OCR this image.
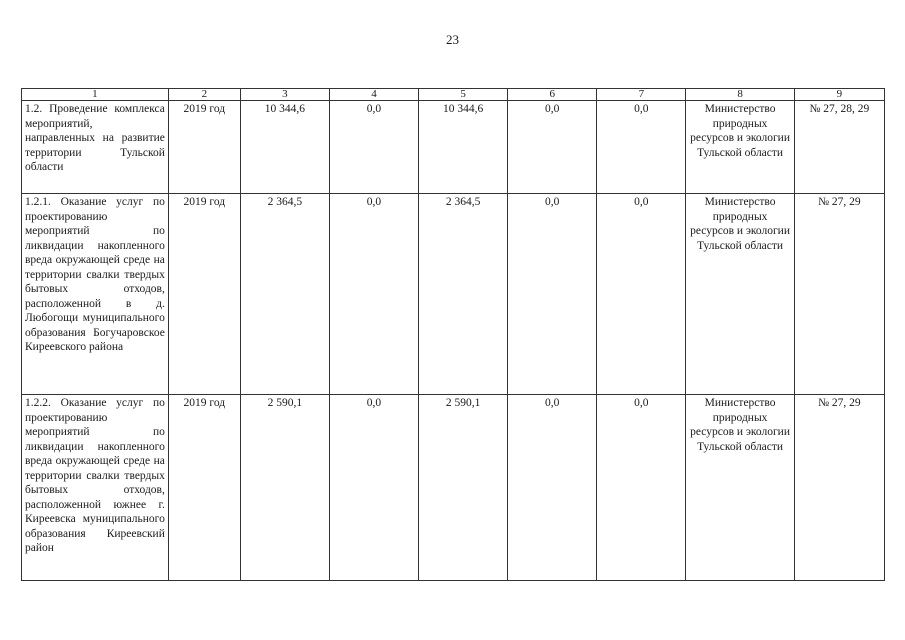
23
1	2	3	4	5	6	7	8	9
1.2. Проведение комплекса мероприятий, направленных на развитие территории Тульской области	2019 год	10 344,6	0,0	10 344,6	0,0	0,0	Министерство природных ресурсов и экологии Тульской области	№ 27, 28, 29
1.2.1. Оказание услуг по проектированию мероприятий по ликвидации накопленного вреда окружающей среде на территории свалки твердых бытовых отходов, расположенной в д. Любогощи муниципального образования Богучаровское Киреевского района	2019 год	2 364,5	0,0	2 364,5	0,0	0,0	Министерство природных ресурсов и экологии Тульской области	№ 27, 29
1.2.2. Оказание услуг по проектированию мероприятий по ликвидации накопленного вреда окружающей среде на территории свалки твердых бытовых отходов, расположенной южнее г. Киреевска муниципального образования Киреевский район	2019 год	2 590,1	0,0	2 590,1	0,0	0,0	Министерство природных ресурсов и экологии Тульской области	№ 27, 29
